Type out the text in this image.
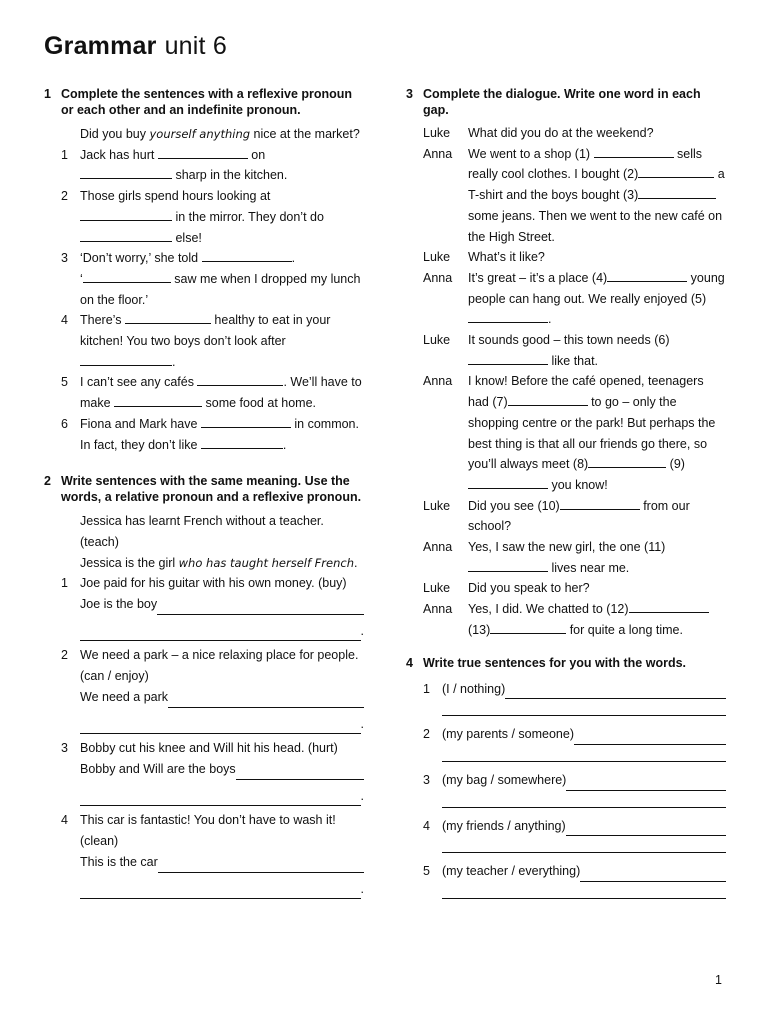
Grammar unit 6
1 Complete the sentences with a reflexive pronoun or each other and an indefinite pronoun.
Did you buy yourself anything nice at the market?
1 Jack has hurt	on
sharp in the kitchen.
2 Those girls spend hours looking at
in the mirror. They don’t do
else!
3 ‘Don’t worry,’ she told	.
‘	saw me when I dropped my lunch on the floor.’
4 There’s	healthy to eat in your kitchen! You two boys don’t look after
.
5 I can’t see any cafés	. We’ll have to make	some food at home.
6 Fiona and Mark have	in common. In fact, they don’t like	.
2 Write sentences with the same meaning. Use the words, a relative pronoun and a reflexive pronoun.
Jessica has learnt French without a teacher. (teach)
Jessica is the girl who has taught herself French.
1 Joe paid for his guitar with his own money. (buy)

Joe is the boy
.
2 We need a park – a nice relaxing place for people. (can / enjoy)

We need a park
.
3 Bobby cut his knee and Will hit his head. (hurt)

Bobby and Will are the boys
.
4 This car is fantastic! You don’t have to wash it! (clean)

This is the car
.
3 Complete the dialogue. Write one word in each gap.
Luke	What did you do at the weekend?
Anna	We went to a shop (1)	sells really cool clothes. I bought (2)	a T-shirt and the boys bought (3) some jeans. Then we went to the new café on the High Street.
Luke	What’s it like?
Anna	It’s great – it’s a place (4)	young people can hang out. We really enjoyed (5).
Luke	It sounds good – this town needs (6) like that.
Anna	I know! Before the café opened, teenagers had (7)	to go – only the shopping centre or the park! But perhaps the best thing is that all our friends go there, so you’ll always meet (8)	(9) you know!
Luke	Did you see (10)	from our school?
Anna	Yes, I saw the new girl, the one (11) lives near me.
Luke	Did you speak to her?
Anna	Yes, I did. We chatted to (12) (13)	for quite a long time.
4 Write true sentences for you with the words.
1 (I / nothing)
2 (my parents / someone)
3 (my bag / somewhere)
4 (my friends / anything)
5 (my teacher / everything)
1
